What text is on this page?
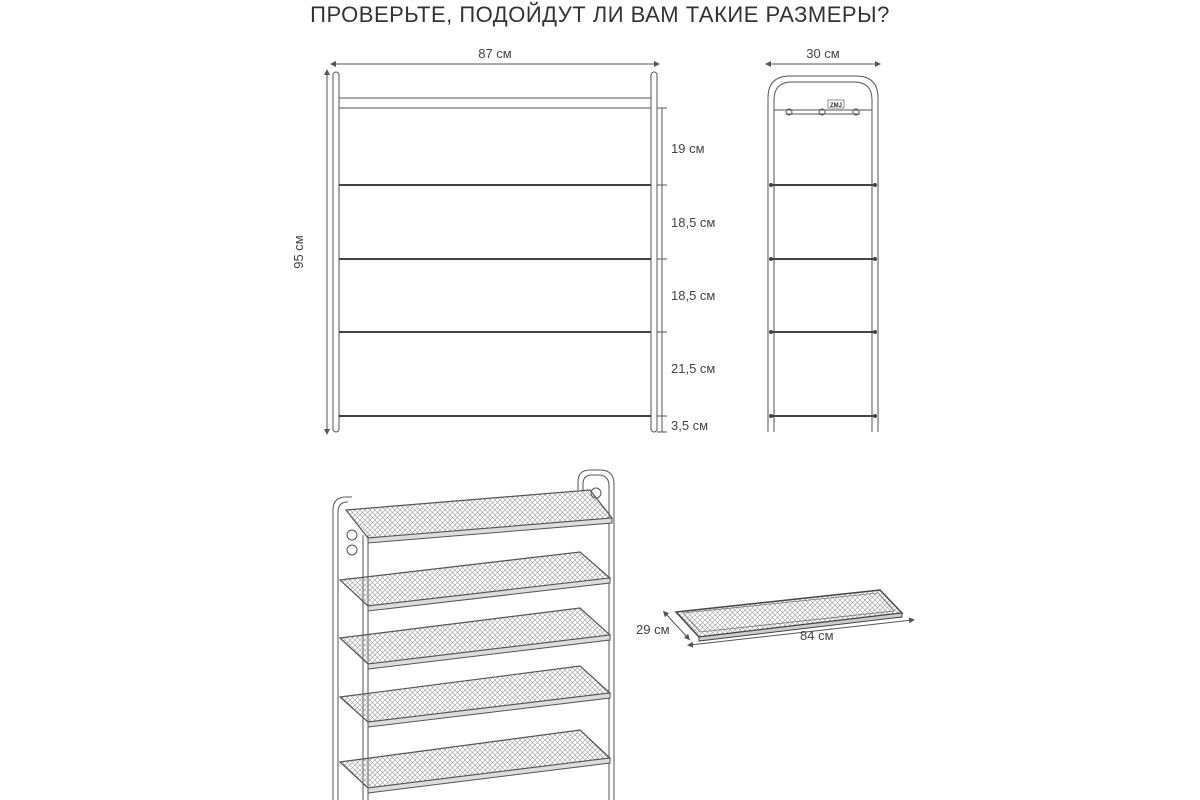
ПРОВЕРЬТЕ, ПОДОЙДУТ ЛИ ВАМ ТАКИЕ РАЗМЕРЫ?
87 см
95 см
19 см
18,5 см
18,5 см
21,5 см
3,5 см
ZMJ
30 см
29 см	84 см
